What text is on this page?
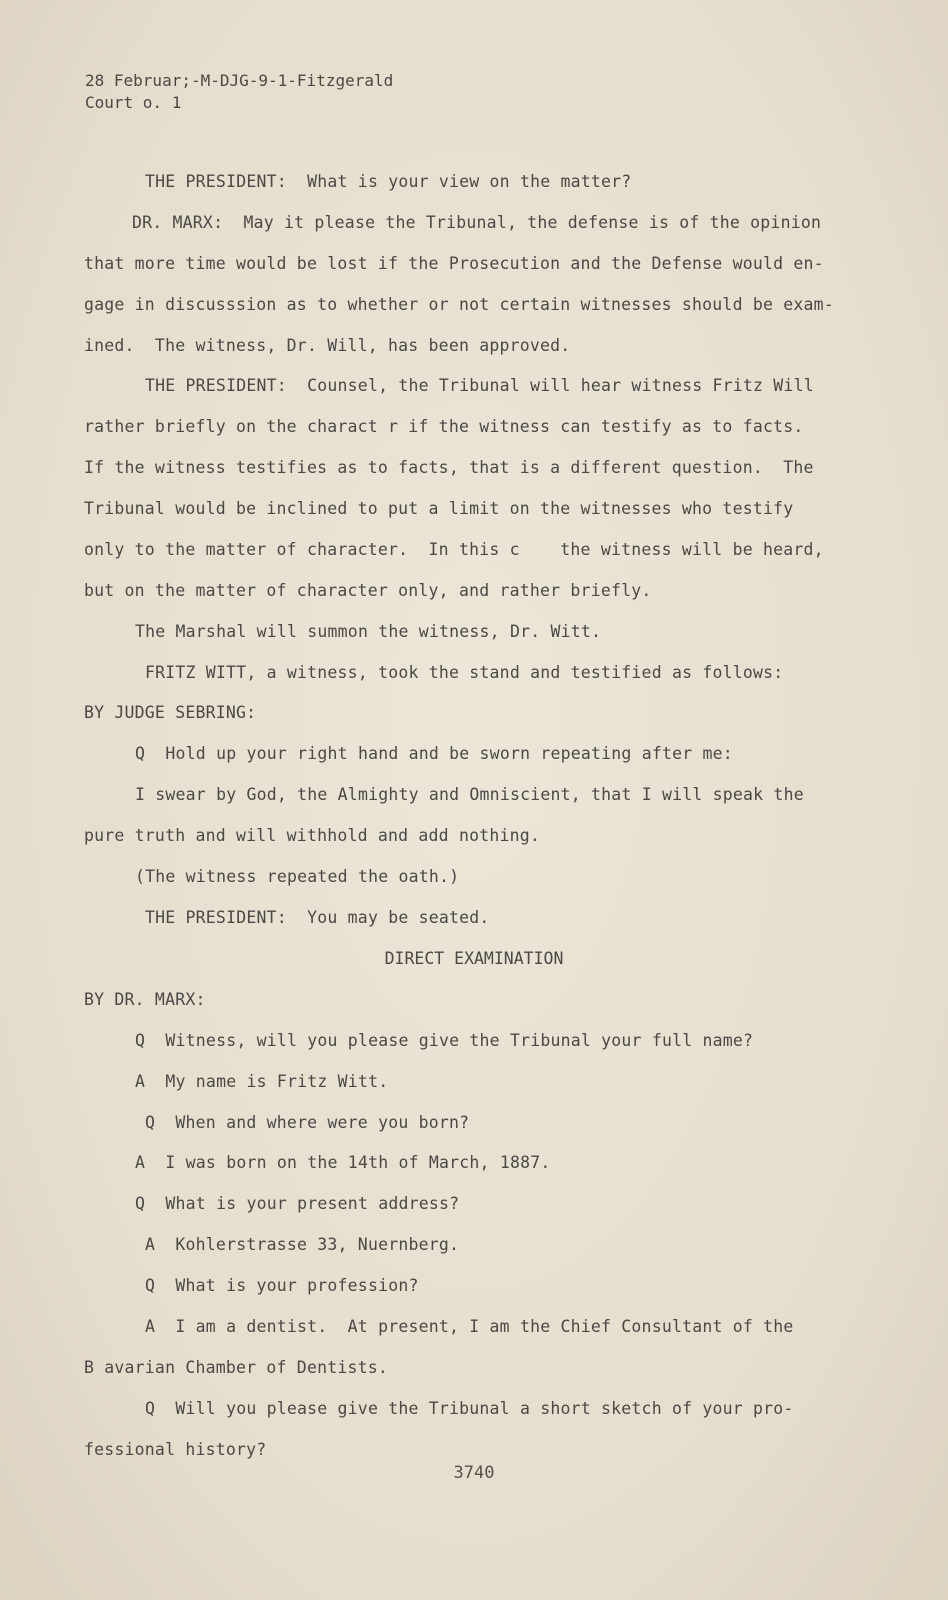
28 Februar;-M-DJG-9-1-Fitzgerald
Court o. 1
THE PRESIDENT:  What is your view on the matter?
DR. MARX:  May it please the Tribunal, the defense is of the opinion
that more time would be lost if the Prosecution and the Defense would en-
gage in discusssion as to whether or not certain witnesses should be exam-
ined.  The witness, Dr. Will, has been approved.
THE PRESIDENT:  Counsel, the Tribunal will hear witness Fritz Will
rather briefly on the charact r if the witness can testify as to facts.
If the witness testifies as to facts, that is a different question.  The
Tribunal would be inclined to put a limit on the witnesses who testify
only to the matter of character.  In this c    the witness will be heard,
but on the matter of character only, and rather briefly.
The Marshal will summon the witness, Dr. Witt.
FRITZ WITT, a witness, took the stand and testified as follows:
BY JUDGE SEBRING:
Q  Hold up your right hand and be sworn repeating after me:
I swear by God, the Almighty and Omniscient, that I will speak the
pure truth and will withhold and add nothing.
(The witness repeated the oath.)
THE PRESIDENT:  You may be seated.
DIRECT EXAMINATION
BY DR. MARX:
Q  Witness, will you please give the Tribunal your full name?
A  My name is Fritz Witt.
Q  When and where were you born?
A  I was born on the 14th of March, 1887.
Q  What is your present address?
A  Kohlerstrasse 33, Nuernberg.
Q  What is your profession?
A  I am a dentist.  At present, I am the Chief Consultant of the
B avarian Chamber of Dentists.
Q  Will you please give the Tribunal a short sketch of your pro-
fessional history?
3740
